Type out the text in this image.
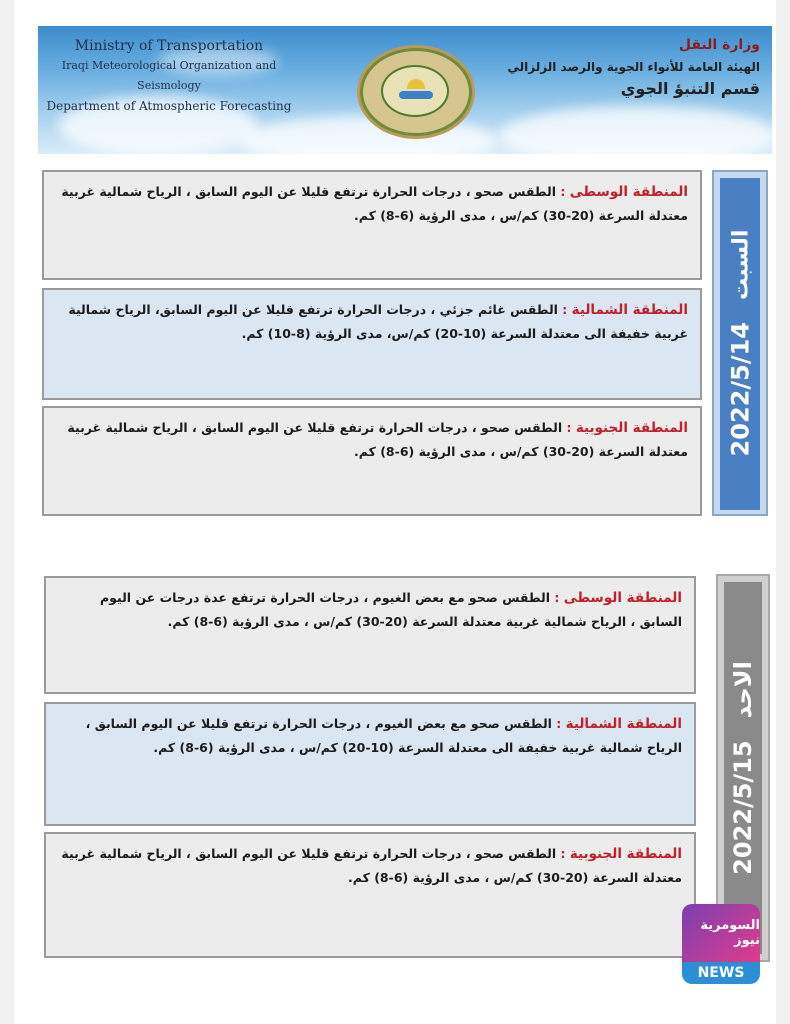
Ministry of Transportation
Iraqi Meteorological Organization and Seismology
Department of Atmospheric Forecasting
وزارة النقل
الهيئة العامة للأنواء الجوية والرصد الزلزالي
قسم التنبؤ الجوي
2022/5/14
السبت
المنطقة الوسطى : الطقس صحو ، درجات الحرارة ترتفع قليلا عن اليوم السابق ، الرياح شمالية غربية معتدلة السرعة (20-30) كم/س ، مدى الرؤية (6-8) كم.
المنطقة الشمالية : الطقس غائم جزئي ، درجات الحرارة ترتفع قليلا عن اليوم السابق، الرياح شمالية غربية خفيفة الى معتدلة السرعة (10-20) كم/س، مدى الرؤية (8-10) كم.
المنطقة الجنوبية : الطقس صحو ، درجات الحرارة ترتفع قليلا عن اليوم السابق ، الرياح شمالية غربية معتدلة السرعة (20-30) كم/س ، مدى الرؤية (6-8) كم.
2022/5/15
الاحد
المنطقة الوسطى : الطقس صحو مع بعض الغيوم ، درجات الحرارة ترتفع عدة درجات عن اليوم السابق ، الرياح شمالية غربية معتدلة السرعة (20-30) كم/س ، مدى الرؤية (6-8) كم.
المنطقة الشمالية : الطقس صحو مع بعض الغيوم ، درجات الحرارة ترتفع قليلا عن اليوم السابق ، الرياح شمالية غربية خفيفة الى معتدلة السرعة (10-20) كم/س ، مدى الرؤية (6-8) كم.
المنطقة الجنوبية : الطقس صحو ، درجات الحرارة ترتفع قليلا عن اليوم السابق ، الرياح شمالية غربية معتدلة السرعة (20-30) كم/س ، مدى الرؤية (6-8) كم.
السومرية نيوز
NEWS
